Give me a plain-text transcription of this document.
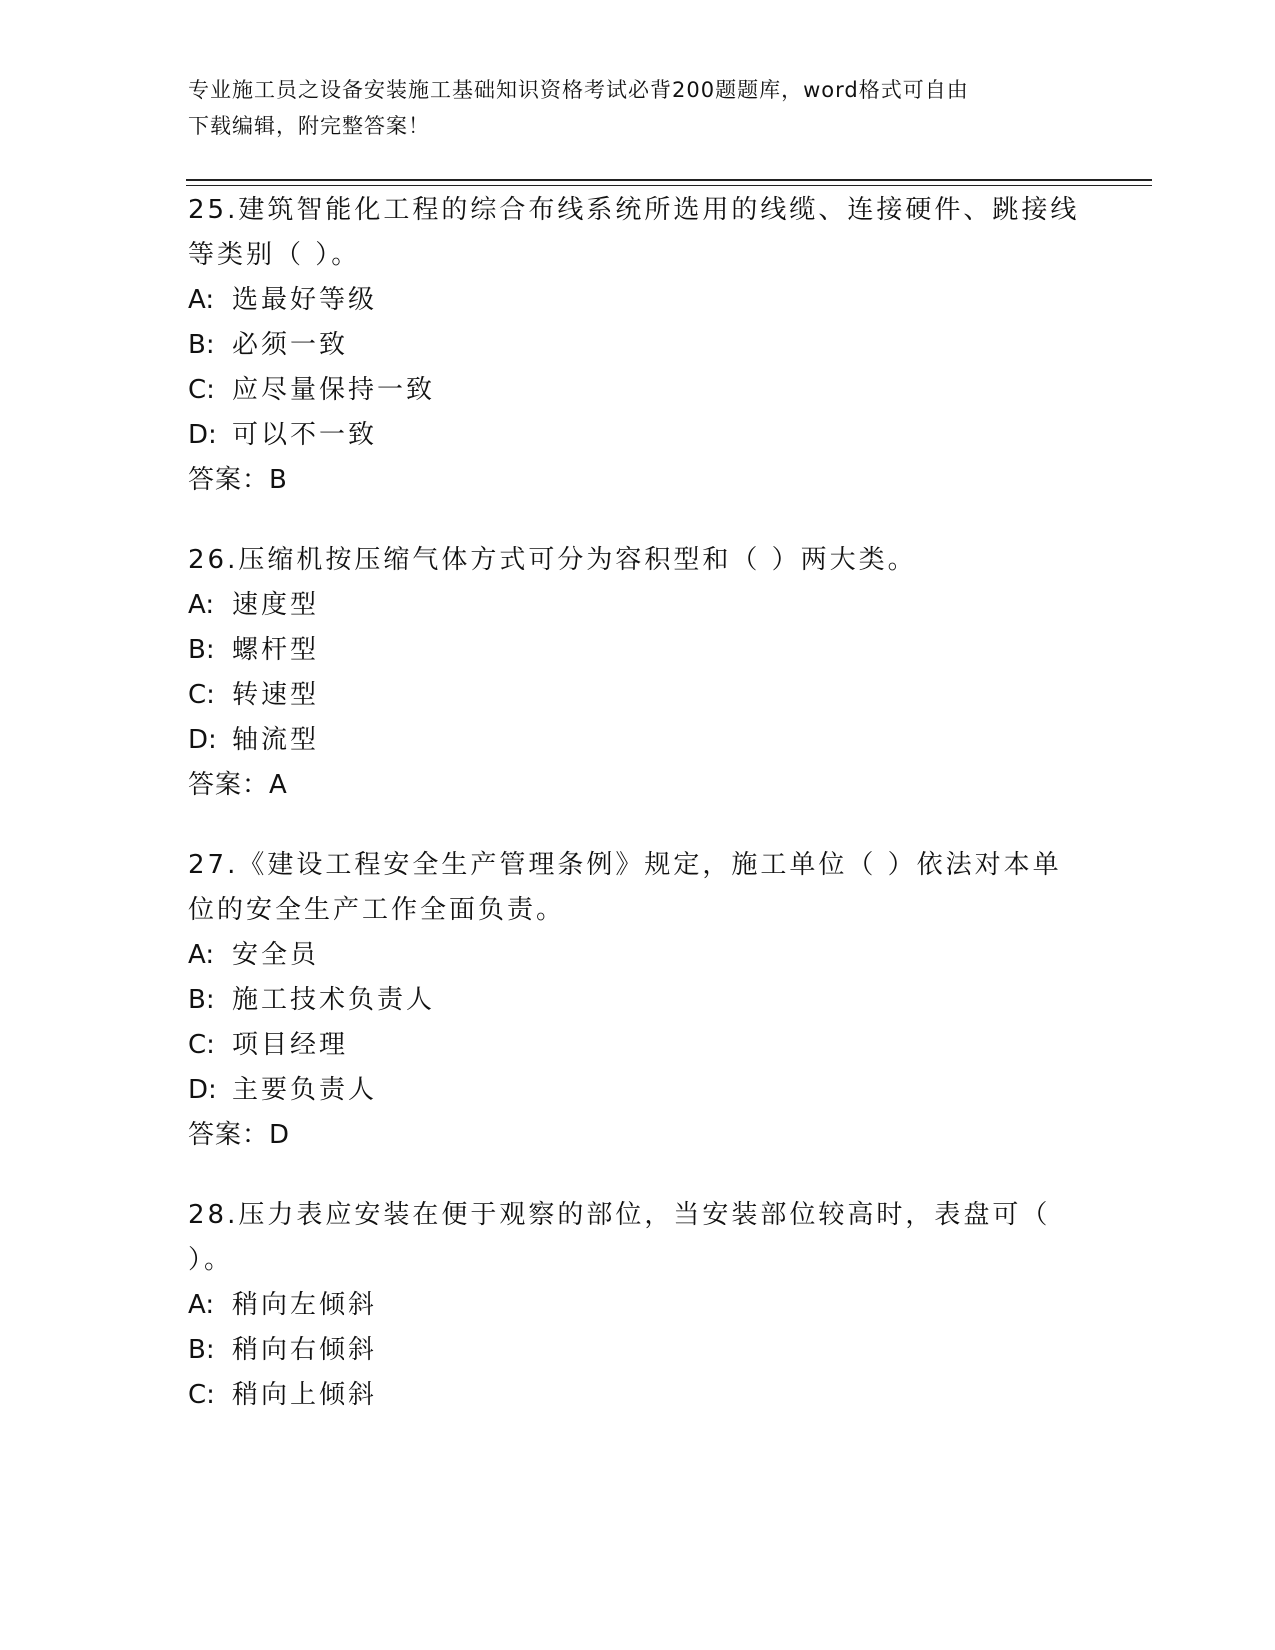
专业施工员之设备安装施工基础知识资格考试必背200题题库，word格式可自由
下载编辑，附完整答案！
25.建筑智能化工程的综合布线系统所选用的线缆、连接硬件、跳接线
等类别（ ）。
A: 选最好等级
B: 必须一致
C: 应尽量保持一致
D: 可以不一致
答案：B
26.压缩机按压缩气体方式可分为容积型和（ ）两大类。
A: 速度型
B: 螺杆型
C: 转速型
D: 轴流型
答案：A
27.《建设工程安全生产管理条例》规定，施工单位（ ）依法对本单
位的安全生产工作全面负责。
A: 安全员
B: 施工技术负责人
C: 项目经理
D: 主要负责人
答案：D
28.压力表应安装在便于观察的部位，当安装部位较高时，表盘可（
）。
A: 稍向左倾斜
B: 稍向右倾斜
C: 稍向上倾斜
